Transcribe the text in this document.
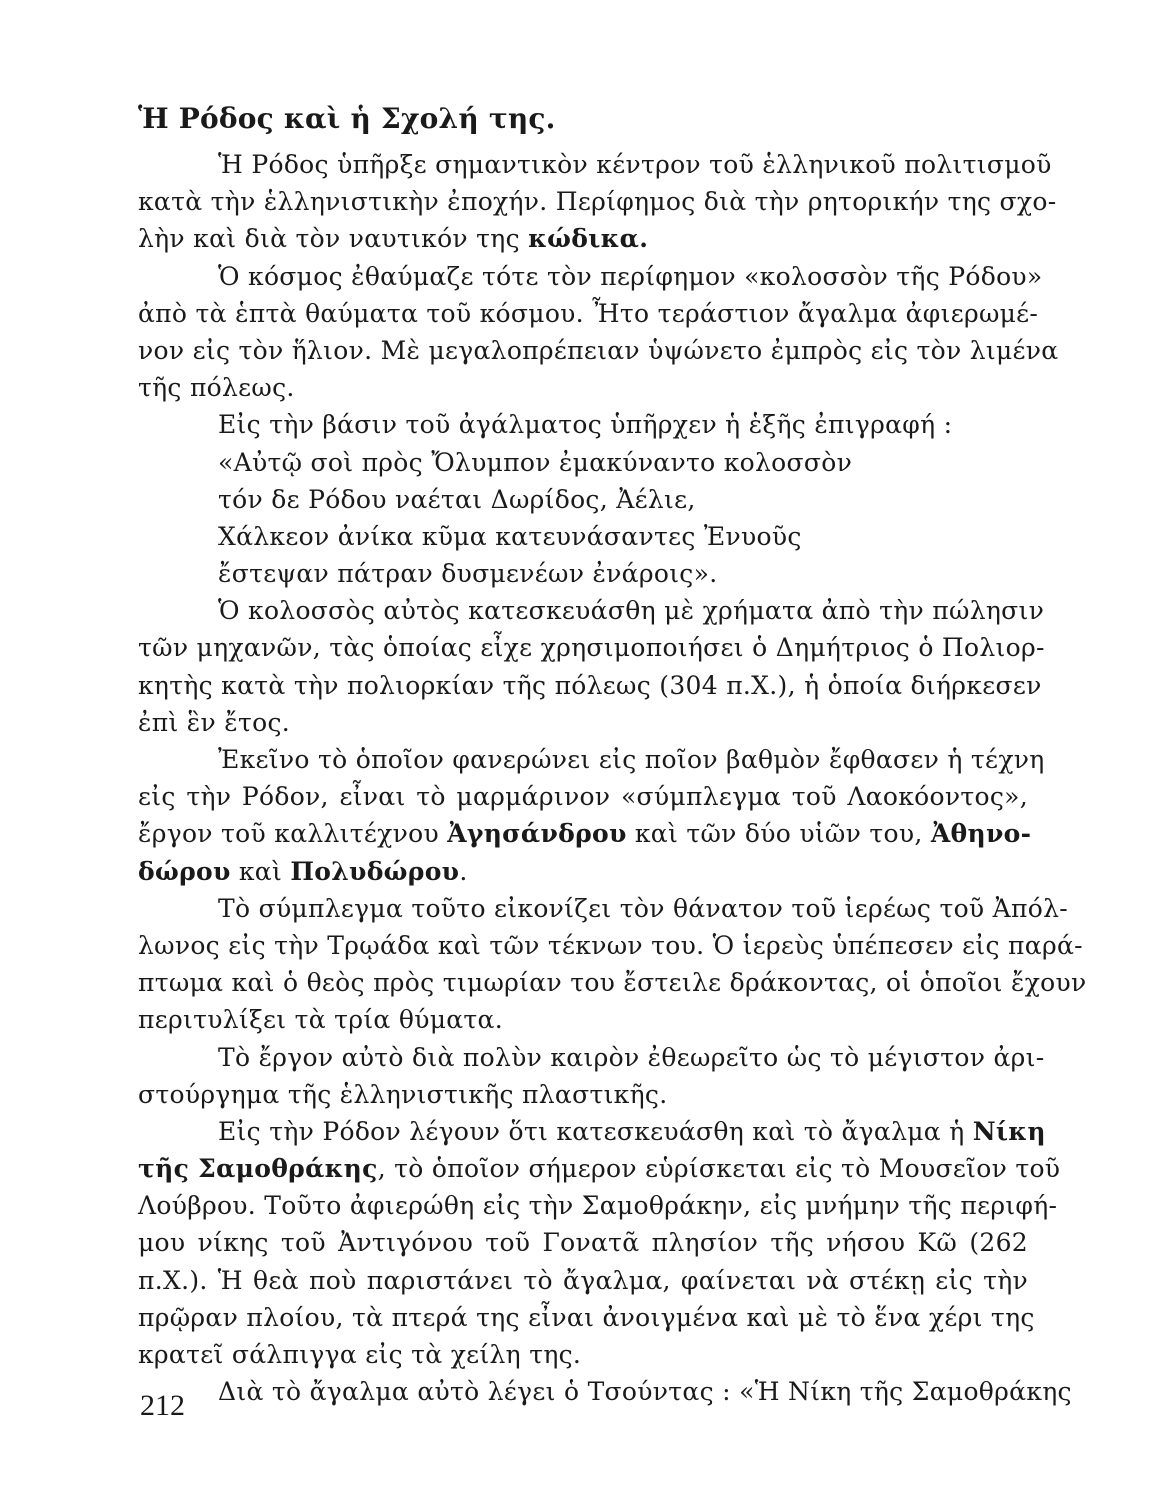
Ἡ Ρόδος καὶ ἡ Σχολή της.
Ἡ Ρόδος ὑπῆρξε σημαντικὸν κέντρον τοῦ ἑλληνικοῦ πολιτισμοῦ
κατὰ τὴν ἑλληνιστικὴν ἐποχήν. Περίφημος διὰ τὴν ρητορικήν της σχο-
λὴν καὶ διὰ τὸν ναυτικόν της κώδικα.
Ὁ κόσμος ἐθαύμαζε τότε τὸν περίφημον «κολοσσὸν τῆς Ρόδου»
ἀπὸ τὰ ἑπτὰ θαύματα τοῦ κόσμου. Ἦτο τεράστιον ἄγαλμα ἀφιερωμέ-
νον εἰς τὸν ἥλιον. Μὲ μεγαλοπρέπειαν ὑψώνετο ἐμπρὸς εἰς τὸν λιμένα
τῆς πόλεως.
Εἰς τὴν βάσιν τοῦ ἀγάλματος ὑπῆρχεν ἡ ἑξῆς ἐπιγραφή :
«Αὐτῷ σοὶ πρὸς Ὄλυμπον ἐμακύναντο κολοσσὸν
τόν δε Ρόδου ναέται Δωρίδος, Ἀέλιε,
Χάλκεον ἀνίκα κῦμα κατευνάσαντες Ἐνυοῦς
ἔστεψαν πάτραν δυσμενέων ἐνάροις».
Ὁ κολοσσὸς αὐτὸς κατεσκευάσθη μὲ χρήματα ἀπὸ τὴν πώλησιν
τῶν μηχανῶν, τὰς ὁποίας εἶχε χρησιμοποιήσει ὁ Δημήτριος ὁ Πολιορ-
κητὴς κατὰ τὴν πολιορκίαν τῆς πόλεως (304 π.Χ.), ἡ ὁποία διήρκεσεν
ἐπὶ ἓν ἔτος.
Ἐκεῖνο τὸ ὁποῖον φανερώνει εἰς ποῖον βαθμὸν ἔφθασεν ἡ τέχνη
εἰς τὴν Ρόδον, εἶναι τὸ μαρμάρινον «σύμπλεγμα τοῦ Λαοκόοντος»,
ἔργον τοῦ καλλιτέχνου Ἀγησάνδρου καὶ τῶν δύο υἱῶν του, Ἀθηνο-
δώρου καὶ Πολυδώρου.
Τὸ σύμπλεγμα τοῦτο εἰκονίζει τὸν θάνατον τοῦ ἱερέως τοῦ Ἀπόλ-
λωνος εἰς τὴν Τρῳάδα καὶ τῶν τέκνων του. Ὁ ἱερεὺς ὑπέπεσεν εἰς παρά-
πτωμα καὶ ὁ θεὸς πρὸς τιμωρίαν του ἔστειλε δράκοντας, οἱ ὁποῖοι ἔχουν
περιτυλίξει τὰ τρία θύματα.
Τὸ ἔργον αὐτὸ διὰ πολὺν καιρὸν ἐθεωρεῖτο ὡς τὸ μέγιστον ἀρι-
στούργημα τῆς ἑλληνιστικῆς πλαστικῆς.
Εἰς τὴν Ρόδον λέγουν ὅτι κατεσκευάσθη καὶ τὸ ἄγαλμα ἡ Νίκη
τῆς Σαμοθράκης, τὸ ὁποῖον σήμερον εὑρίσκεται εἰς τὸ Μουσεῖον τοῦ
Λούβρου. Τοῦτο ἀφιερώθη εἰς τὴν Σαμοθράκην, εἰς μνήμην τῆς περιφή-
μου νίκης τοῦ Ἀντιγόνου τοῦ Γονατᾶ πλησίον τῆς νήσου Κῶ (262
π.Χ.). Ἡ θεὰ ποὺ παριστάνει τὸ ἄγαλμα, φαίνεται νὰ στέκῃ εἰς τὴν
πρῷραν πλοίου, τὰ πτερά της εἶναι ἀνοιγμένα καὶ μὲ τὸ ἕνα χέρι της
κρατεῖ σάλπιγγα εἰς τὰ χείλη της.
Διὰ τὸ ἄγαλμα αὐτὸ λέγει ὁ Τσούντας : «Ἡ Νίκη τῆς Σαμοθράκης
212
